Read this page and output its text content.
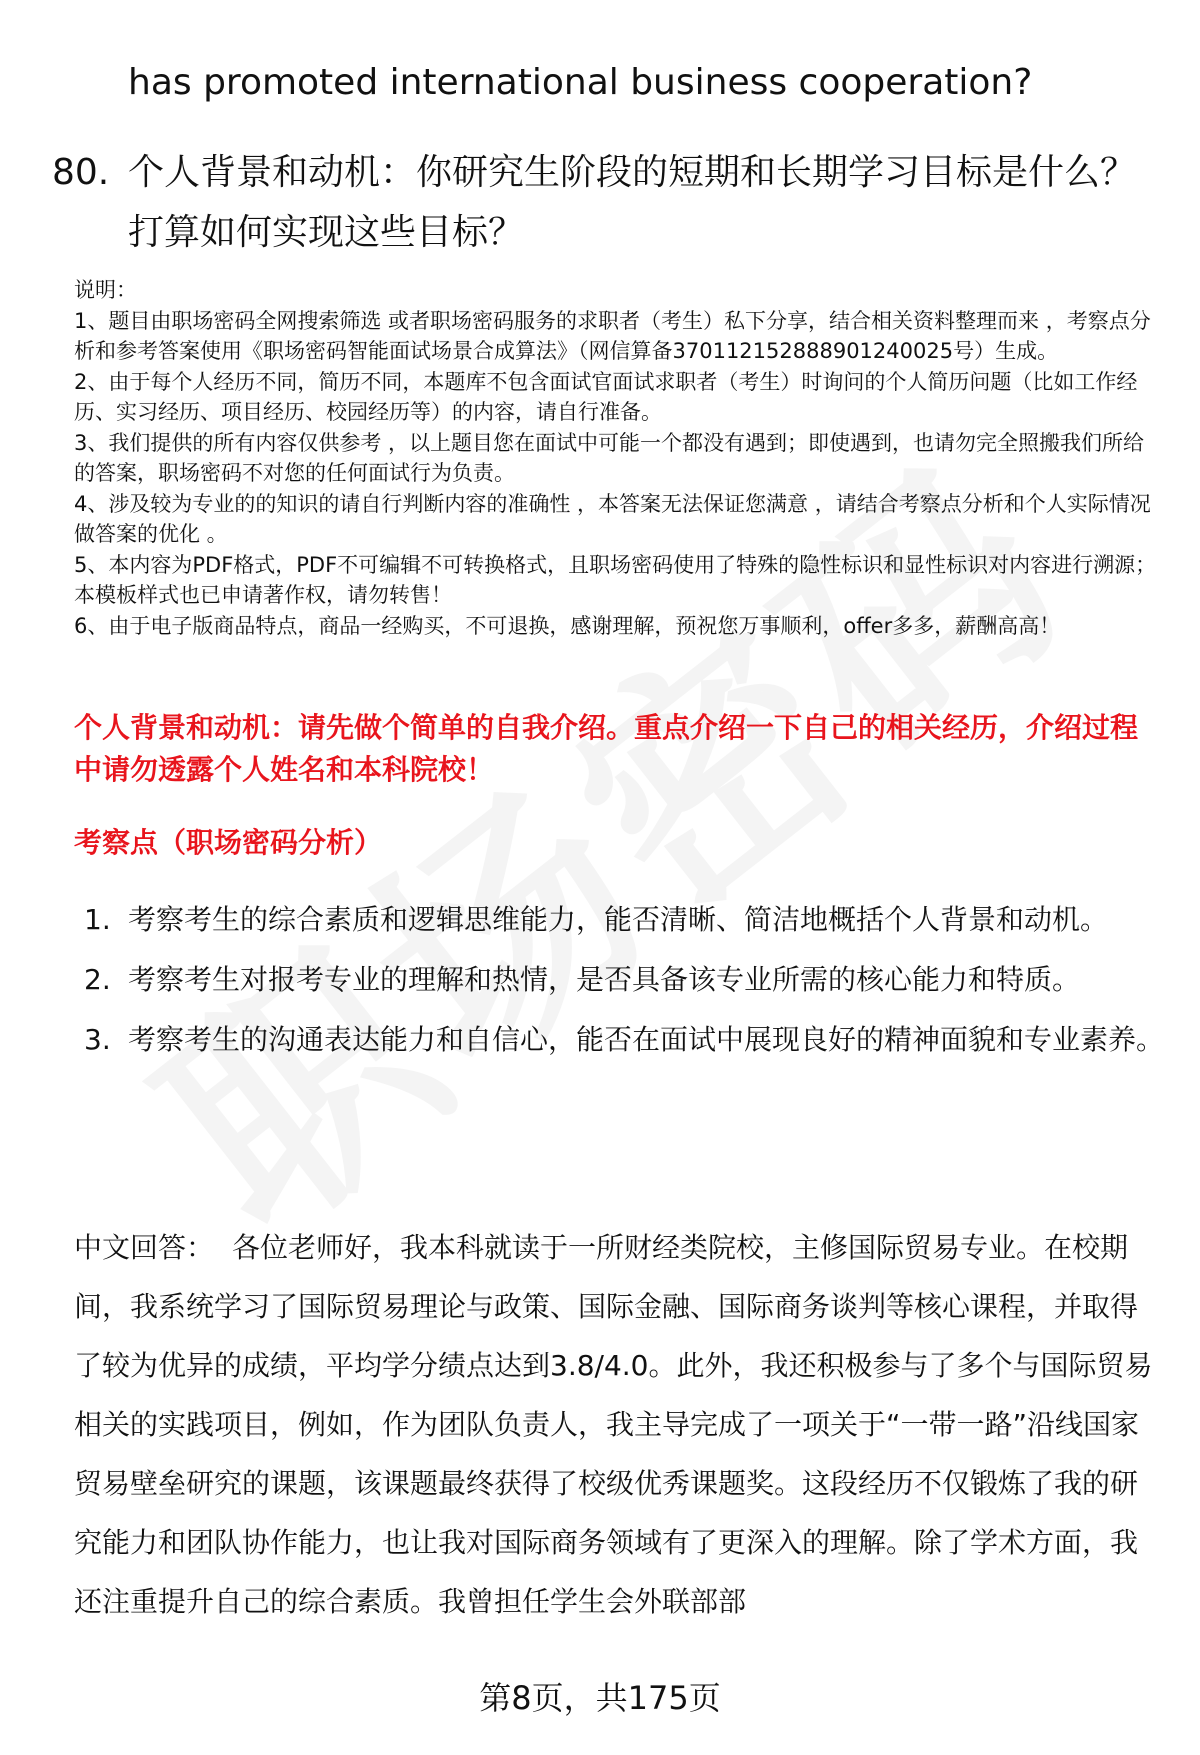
has promoted international business cooperation?
80. 个人背景和动机：你研究生阶段的短期和长期学习目标是什么？打算如何实现这些目标？

说明：

1、题目由职场密码全网搜索筛选 或者职场密码服务的求职者（考生）私下分享，结合相关资料整理而来 ，考察点分析和参考答案使用《职场密码智能面试场景合成算法》（网信算备370112152888901240025号）生成。

2、由于每个人经历不同，简历不同，本题库不包含面试官面试求职者（考生）时询问的个人简历问题（比如工作经历、实习经历、项目经历、校园经历等）的内容，请自行准备。

3、我们提供的所有内容仅供参考 ，以上题目您在面试中可能一个都没有遇到；即使遇到，也请勿完全照搬我们所给的答案，职场密码不对您的任何面试行为负责。

4、涉及较为专业的的知识的请自行判断内容的准确性 ，本答案无法保证您满意 ，请结合考察点分析和个人实际情况做答案的优化 。

5、本内容为PDF格式，PDF不可编辑不可转换格式，且职场密码使用了特殊的隐性标识和显性标识对内容进行溯源；本模板样式也已申请著作权，请勿转售！

6、由于电子版商品特点，商品一经购买，不可退换，感谢理解，预祝您万事顺利，offer多多，薪酬高高！

个人背景和动机：请先做个简单的自我介绍。重点介绍一下自己的相关经历，介绍过程中请勿透露个人姓名和本科院校！
考察点（职场密码分析）
1. 考察考生的综合素质和逻辑思维能力，能否清晰、简洁地概括个人背景和动机。
2. 考察考生对报考专业的理解和热情，是否具备该专业所需的核心能力和特质。
3. 考察考生的沟通表达能力和自信心，能否在面试中展现良好的精神面貌和专业素养。

中文回答： 各位老师好，我本科就读于一所财经类院校，主修国际贸易专业。在校期间，我系统学习了国际贸易理论与政策、国际金融、国际商务谈判等核心课程，并取得了较为优异的成绩，平均学分绩点达到3.8/4.0。此外，我还积极参与了多个与国际贸易相关的实践项目，例如，作为团队负责人，我主导完成了一项关于“一带一路”沿线国家贸易壁垒研究的课题，该课题最终获得了校级优秀课题奖。这段经历不仅锻炼了我的研究能力和团队协作能力，也让我对国际商务领域有了更深入的理解。除了学术方面，我还注重提升自己的综合素质。我曾担任学生会外联部部

第8页，共175页
